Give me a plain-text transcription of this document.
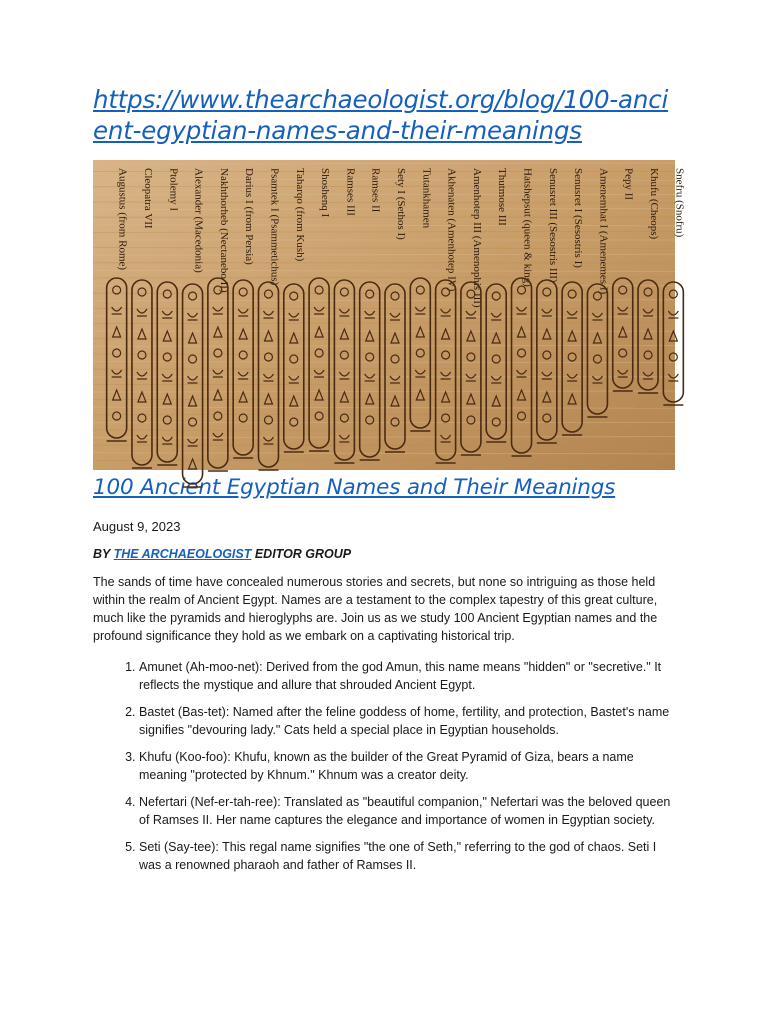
https://www.thearchaeologist.org/blog/100-ancient-egyptian-names-and-their-meanings
Augustus (from Rome) Cleopatra VII Ptolemy I Alexander (Macedonia) Nakhthorheb (Nectanebo II) Darius I (from Persia) Psamtek I (Psammetichus) Taharqo (from Kush) Shoshenq I Ramses III Ramses II Sety I (Sethos I) Tutankhamen Akhenaten (Amenhotep IV) Amenhotep III (Amenophis III) Thutmose III Hatshepsut (queen & king) Senusret III (Sesostris III) Senusret I (Sesostris I) Amenemhat I (Amenemes I) Pepy II Khufu (Cheops) Snefru (Snofru)
100 Ancient Egyptian Names and Their Meanings
August 9, 2023
BY THE ARCHAEOLOGIST EDITOR GROUP

The sands of time have concealed numerous stories and secrets, but none so intriguing as those held within the realm of Ancient Egypt. Names are a testament to the complex tapestry of this great culture, much like the pyramids and hieroglyphs are. Join us as we study 100 Ancient Egyptian names and the profound significance they hold as we embark on a captivating historical trip.

1. Amunet (Ah-moo-net): Derived from the god Amun, this name means "hidden" or "secretive." It reflects the mystique and allure that shrouded Ancient Egypt.
2. Bastet (Bas-tet): Named after the feline goddess of home, fertility, and protection, Bastet's name signifies "devouring lady." Cats held a special place in Egyptian households.
3. Khufu (Koo-foo): Khufu, known as the builder of the Great Pyramid of Giza, bears a name meaning "protected by Khnum." Khnum was a creator deity.
4. Nefertari (Nef-er-tah-ree): Translated as "beautiful companion," Nefertari was the beloved queen of Ramses II. Her name captures the elegance and importance of women in Egyptian society.
5. Seti (Say-tee): This regal name signifies "the one of Seth," referring to the god of chaos. Seti I was a renowned pharaoh and father of Ramses II.
